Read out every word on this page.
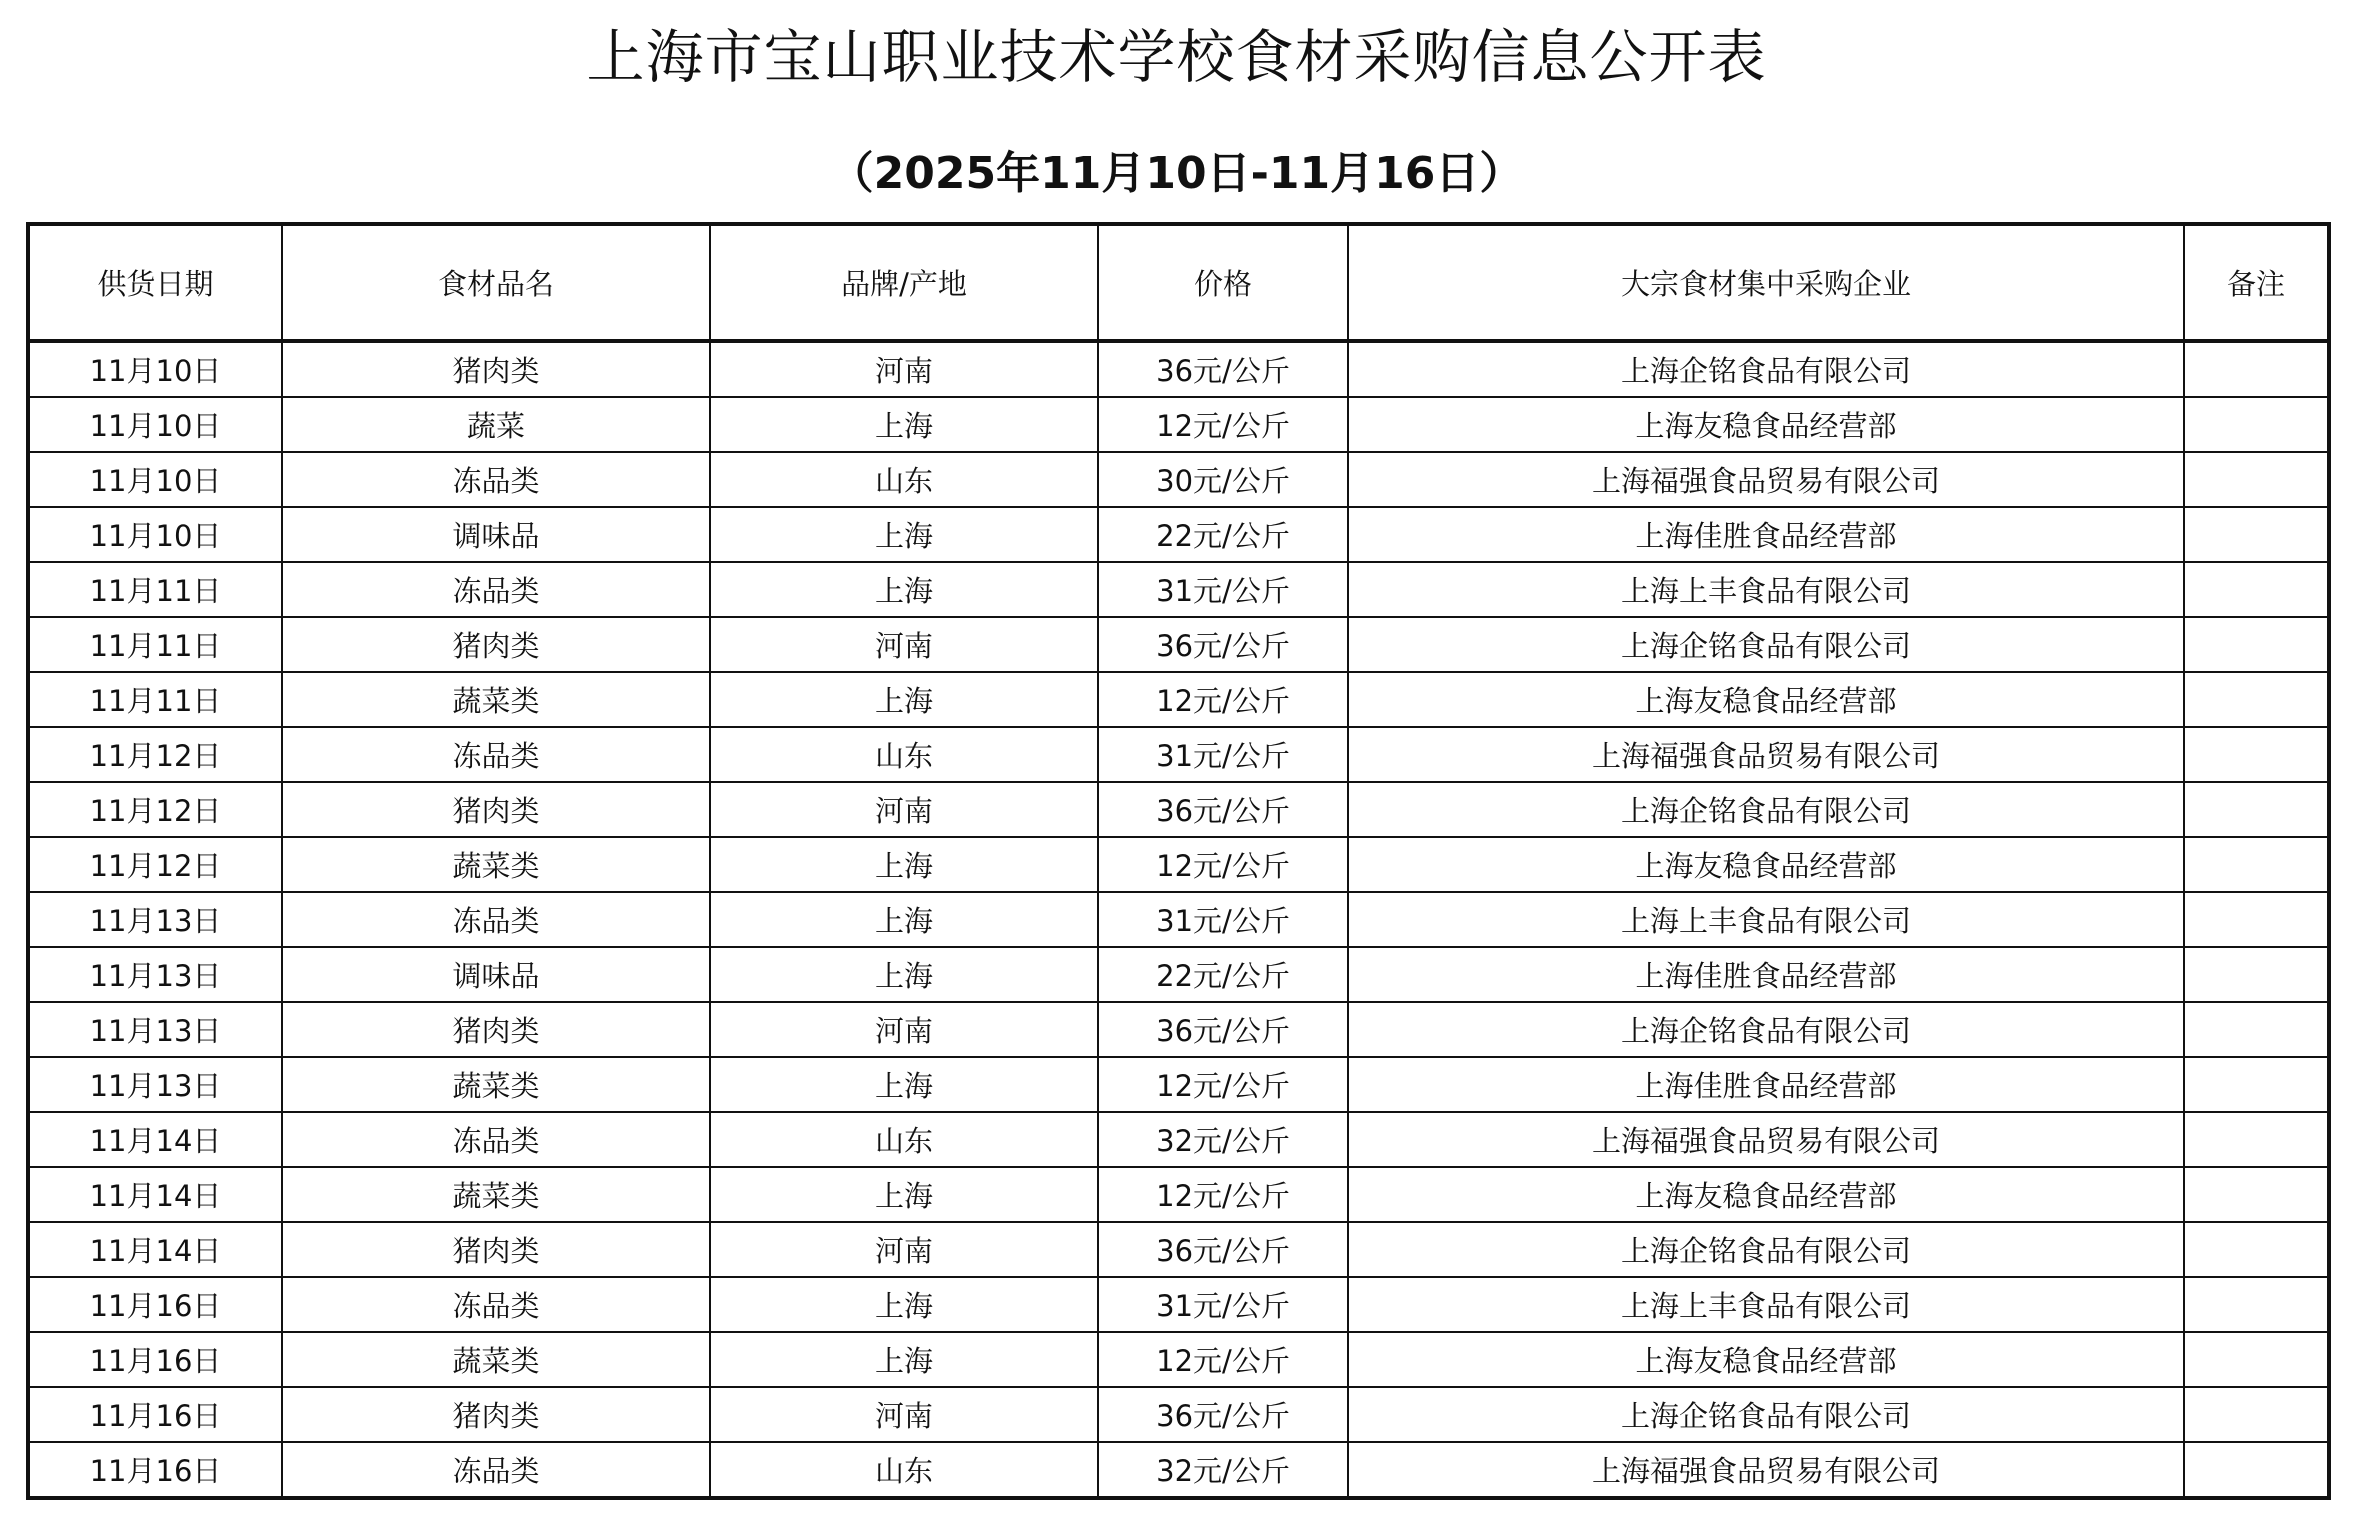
上海市宝山职业技术学校食材采购信息公开表
（2025年11月10日-11月16日）
供货日期	食材品名	品牌/产地	价格	大宗食材集中采购企业	备注
11月10日	猪肉类	河南	36元/公斤	上海企铭食品有限公司	
11月10日	蔬菜	上海	12元/公斤	上海友稳食品经营部	
11月10日	冻品类	山东	30元/公斤	上海福强食品贸易有限公司	
11月10日	调味品	上海	22元/公斤	上海佳胜食品经营部	
11月11日	冻品类	上海	31元/公斤	上海上丰食品有限公司	
11月11日	猪肉类	河南	36元/公斤	上海企铭食品有限公司	
11月11日	蔬菜类	上海	12元/公斤	上海友稳食品经营部	
11月12日	冻品类	山东	31元/公斤	上海福强食品贸易有限公司	
11月12日	猪肉类	河南	36元/公斤	上海企铭食品有限公司	
11月12日	蔬菜类	上海	12元/公斤	上海友稳食品经营部	
11月13日	冻品类	上海	31元/公斤	上海上丰食品有限公司	
11月13日	调味品	上海	22元/公斤	上海佳胜食品经营部	
11月13日	猪肉类	河南	36元/公斤	上海企铭食品有限公司	
11月13日	蔬菜类	上海	12元/公斤	上海佳胜食品经营部	
11月14日	冻品类	山东	32元/公斤	上海福强食品贸易有限公司	
11月14日	蔬菜类	上海	12元/公斤	上海友稳食品经营部	
11月14日	猪肉类	河南	36元/公斤	上海企铭食品有限公司	
11月16日	冻品类	上海	31元/公斤	上海上丰食品有限公司	
11月16日	蔬菜类	上海	12元/公斤	上海友稳食品经营部	
11月16日	猪肉类	河南	36元/公斤	上海企铭食品有限公司	
11月16日	冻品类	山东	32元/公斤	上海福强食品贸易有限公司	
